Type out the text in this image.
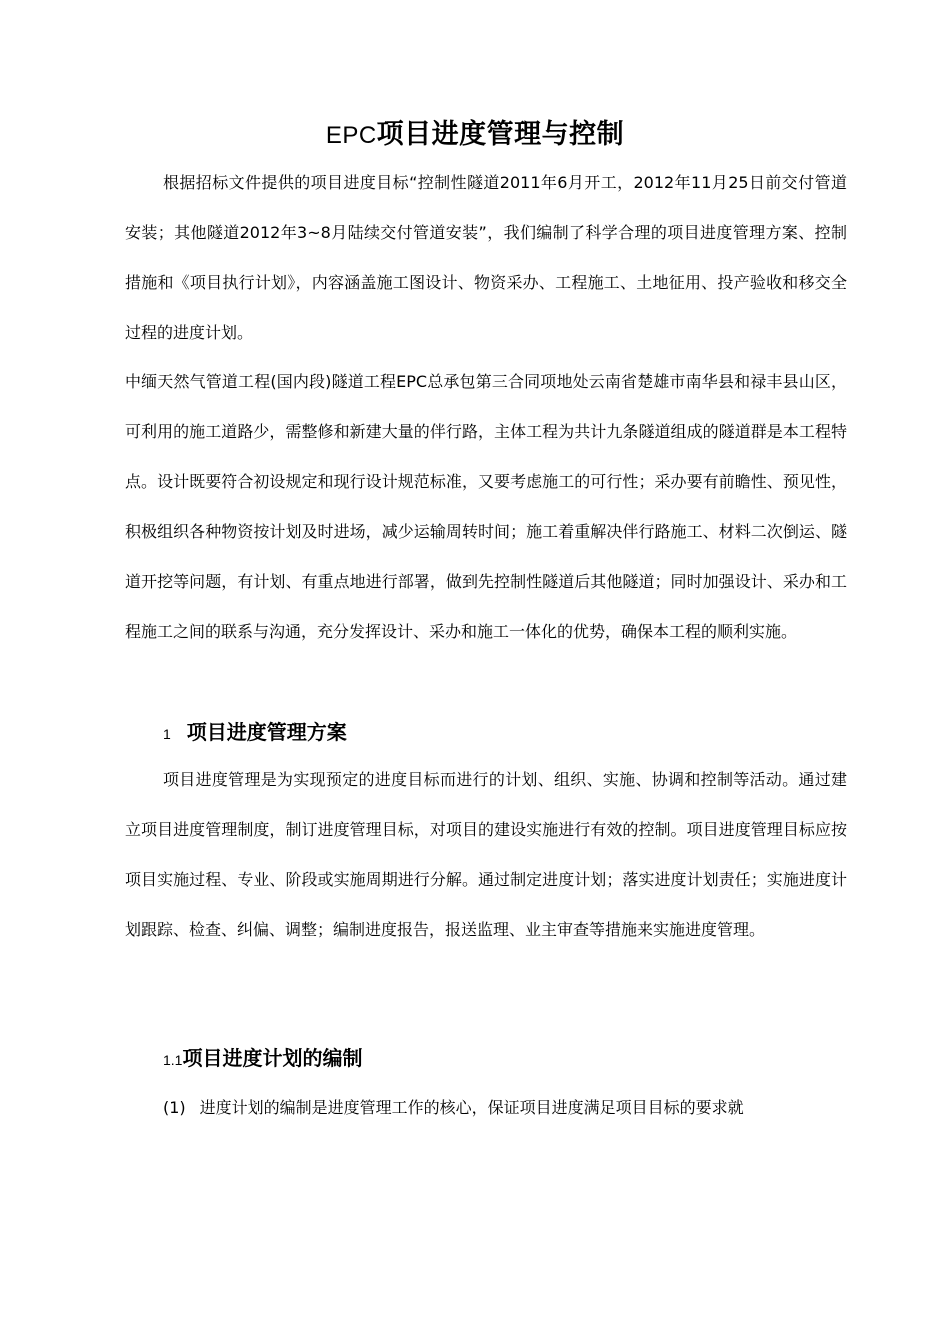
EPC项目进度管理与控制

根据招标文件提供的项目进度目标“控制性隧道2011年6月开工，2012年11月25日前交付管道安装；其他隧道2012年3~8月陆续交付管道安装”，我们编制了科学合理的项目进度管理方案、控制措施和《项目执行计划》，内容涵盖施工图设计、物资采办、工程施工、土地征用、投产验收和移交全过程的进度计划。

中缅天然气管道工程(国内段)隧道工程EPC总承包第三合同项地处云南省楚雄市南华县和禄丰县山区，可利用的施工道路少，需整修和新建大量的伴行路，主体工程为共计九条隧道组成的隧道群是本工程特点。设计既要符合初设规定和现行设计规范标准，又要考虑施工的可行性；采办要有前瞻性、预见性，积极组织各种物资按计划及时进场，减少运输周转时间；施工着重解决伴行路施工、材料二次倒运、隧道开挖等问题，有计划、有重点地进行部署，做到先控制性隧道后其他隧道；同时加强设计、采办和工程施工之间的联系与沟通，充分发挥设计、采办和施工一体化的优势，确保本工程的顺利实施。

1 项目进度管理方案

项目进度管理是为实现预定的进度目标而进行的计划、组织、实施、协调和控制等活动。通过建立项目进度管理制度，制订进度管理目标，对项目的建设实施进行有效的控制。项目进度管理目标应按项目实施过程、专业、阶段或实施周期进行分解。通过制定进度计划；落实进度计划责任；实施进度计划跟踪、检查、纠偏、调整；编制进度报告，报送监理、业主审查等措施来实施进度管理。

1.1项目进度计划的编制
(1) 进度计划的编制是进度管理工作的核心，保证项目进度满足项目目标的要求就
